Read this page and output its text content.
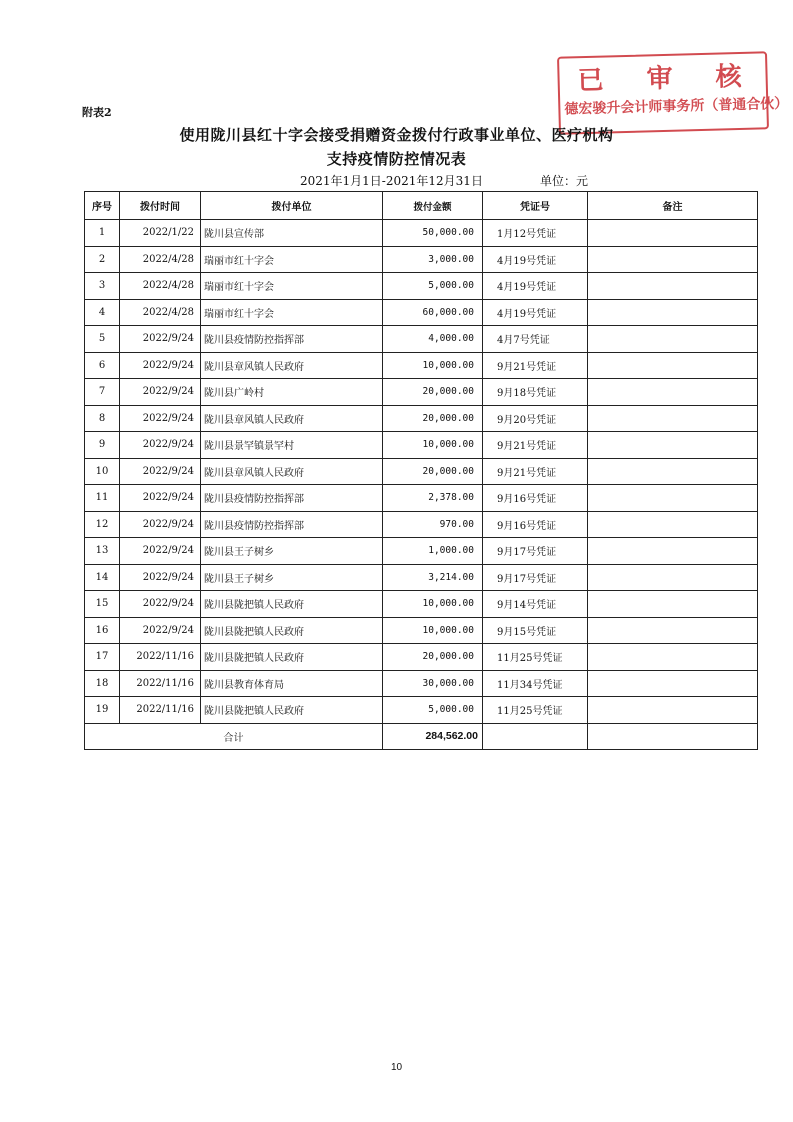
附表2
已 审 核
德宏骏升会计师事务所（普通合伙）
使用陇川县红十字会接受捐赠资金拨付行政事业单位、医疗机构
支持疫情防控情况表
2021年1月1日-2021年12月31日	单位：元
序号	拨付时间	拨付单位	拨付金额	凭证号	备注
1	2022/1/22	陇川县宣传部	50,000.00	1月12号凭证	
2	2022/4/28	瑞丽市红十字会	3,000.00	4月19号凭证	
3	2022/4/28	瑞丽市红十字会	5,000.00	4月19号凭证	
4	2022/4/28	瑞丽市红十字会	60,000.00	4月19号凭证	
5	2022/9/24	陇川县疫情防控指挥部	4,000.00	4月7号凭证	
6	2022/9/24	陇川县章风镇人民政府	10,000.00	9月21号凭证	
7	2022/9/24	陇川县广岭村	20,000.00	9月18号凭证	
8	2022/9/24	陇川县章风镇人民政府	20,000.00	9月20号凭证	
9	2022/9/24	陇川县景罕镇景罕村	10,000.00	9月21号凭证	
10	2022/9/24	陇川县章风镇人民政府	20,000.00	9月21号凭证	
11	2022/9/24	陇川县疫情防控指挥部	2,378.00	9月16号凭证	
12	2022/9/24	陇川县疫情防控指挥部	970.00	9月16号凭证	
13	2022/9/24	陇川县王子树乡	1,000.00	9月17号凭证	
14	2022/9/24	陇川县王子树乡	3,214.00	9月17号凭证	
15	2022/9/24	陇川县陇把镇人民政府	10,000.00	9月14号凭证	
16	2022/9/24	陇川县陇把镇人民政府	10,000.00	9月15号凭证	
17	2022/11/16	陇川县陇把镇人民政府	20,000.00	11月25号凭证	
18	2022/11/16	陇川县教育体育局	30,000.00	11月34号凭证	
19	2022/11/16	陇川县陇把镇人民政府	5,000.00	11月25号凭证	
合计			284,562.00		
10
